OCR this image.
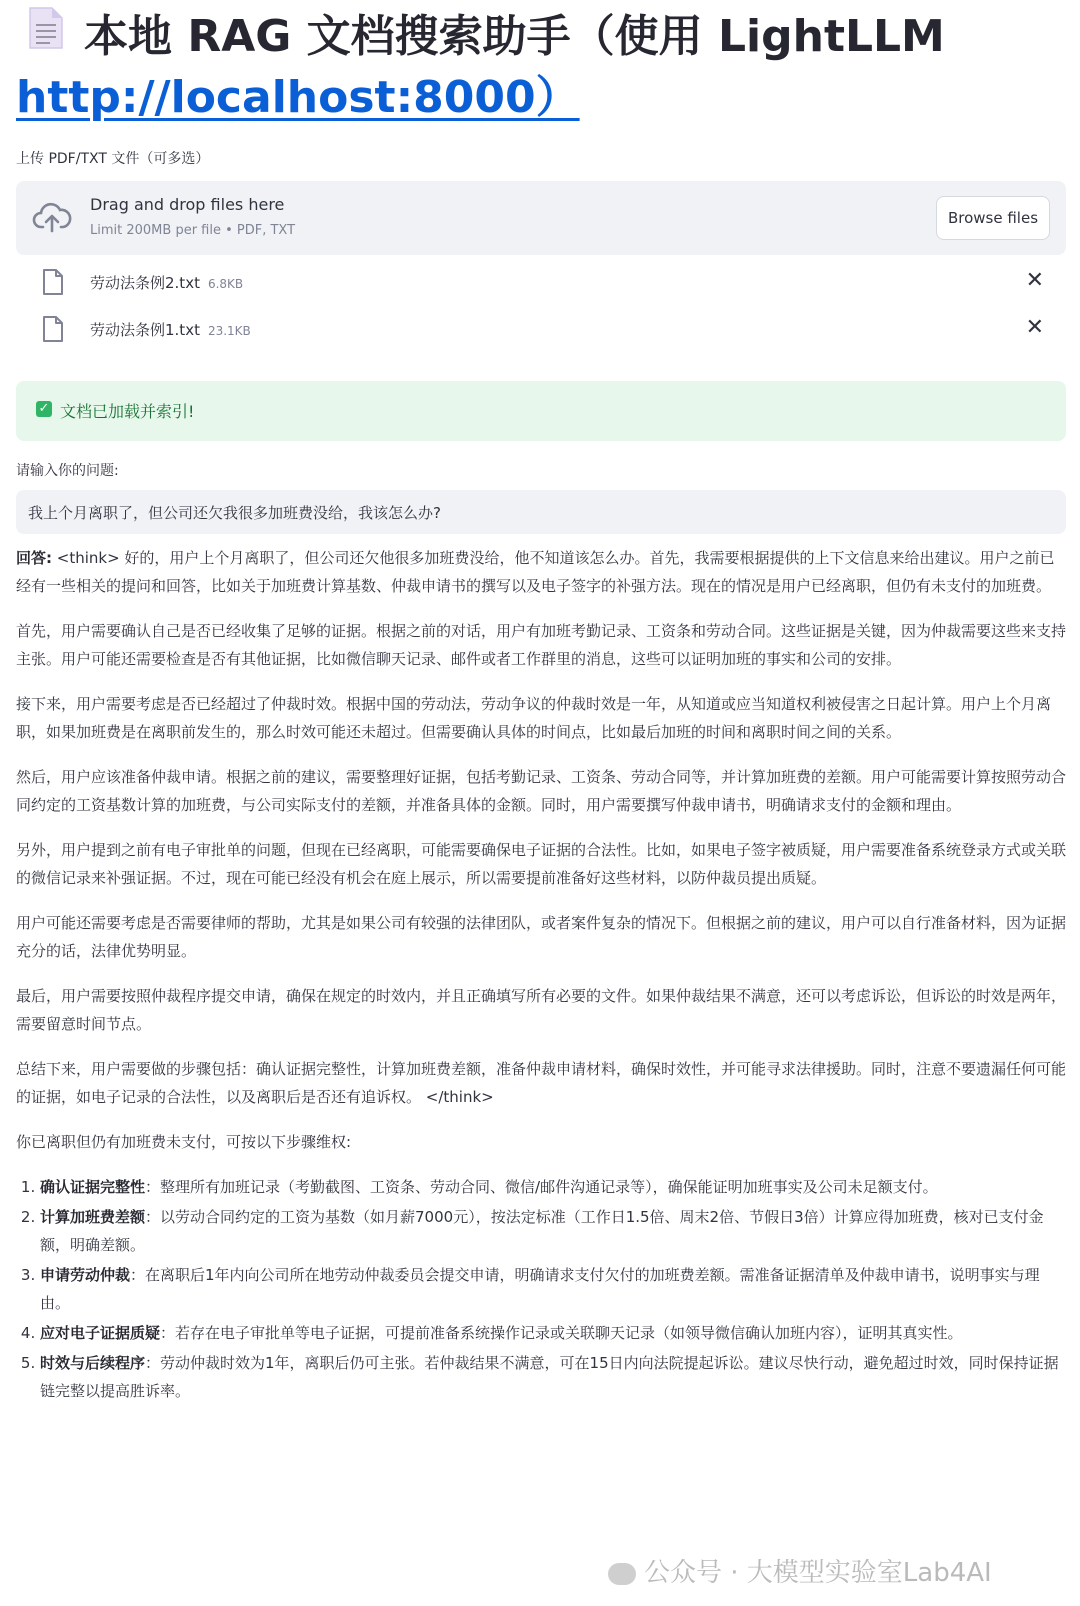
本地 RAG 文档搜索助手（使用 LightLLM
http://localhost:8000）
上传 PDF/TXT 文件（可多选）
Drag and drop files here
Limit 200MB per file • PDF, TXT
Browse files
劳动法条例2.txt 6.8KB	✕
劳动法条例1.txt 23.1KB	✕
✓ 文档已加载并索引!
请输入你的问题:
我上个月离职了，但公司还欠我很多加班费没给，我该怎么办?

回答: <think> 好的，用户上个月离职了，但公司还欠他很多加班费没给，他不知道该怎么办。首先，我需要根据提供的上下文信息来给出建议。用户之前已经有一些相关的提问和回答，比如关于加班费计算基数、仲裁申请书的撰写以及电子签字的补强方法。现在的情况是用户已经离职，但仍有未支付的加班费。

首先，用户需要确认自己是否已经收集了足够的证据。根据之前的对话，用户有加班考勤记录、工资条和劳动合同。这些证据是关键，因为仲裁需要这些来支持主张。用户可能还需要检查是否有其他证据，比如微信聊天记录、邮件或者工作群里的消息，这些可以证明加班的事实和公司的安排。

接下来，用户需要考虑是否已经超过了仲裁时效。根据中国的劳动法，劳动争议的仲裁时效是一年，从知道或应当知道权利被侵害之日起计算。用户上个月离职，如果加班费是在离职前发生的，那么时效可能还未超过。但需要确认具体的时间点，比如最后加班的时间和离职时间之间的关系。

然后，用户应该准备仲裁申请。根据之前的建议，需要整理好证据，包括考勤记录、工资条、劳动合同等，并计算加班费的差额。用户可能需要计算按照劳动合同约定的工资基数计算的加班费，与公司实际支付的差额，并准备具体的金额。同时，用户需要撰写仲裁申请书，明确请求支付的金额和理由。

另外，用户提到之前有电子审批单的问题，但现在已经离职，可能需要确保电子证据的合法性。比如，如果电子签字被质疑，用户需要准备系统登录方式或关联的微信记录来补强证据。不过，现在可能已经没有机会在庭上展示，所以需要提前准备好这些材料，以防仲裁员提出质疑。

用户可能还需要考虑是否需要律师的帮助，尤其是如果公司有较强的法律团队，或者案件复杂的情况下。但根据之前的建议，用户可以自行准备材料，因为证据充分的话，法律优势明显。

最后，用户需要按照仲裁程序提交申请，确保在规定的时效内，并且正确填写所有必要的文件。如果仲裁结果不满意，还可以考虑诉讼，但诉讼的时效是两年，需要留意时间节点。

总结下来，用户需要做的步骤包括：确认证据完整性，计算加班费差额，准备仲裁申请材料，确保时效性，并可能寻求法律援助。同时，注意不要遗漏任何可能的证据，如电子记录的合法性，以及离职后是否还有追诉权。 </think>

你已离职但仍有加班费未支付，可按以下步骤维权:

1. 确认证据完整性：整理所有加班记录（考勤截图、工资条、劳动合同、微信/邮件沟通记录等），确保能证明加班事实及公司未足额支付。
2. 计算加班费差额：以劳动合同约定的工资为基数（如月薪7000元），按法定标准（工作日1.5倍、周末2倍、节假日3倍）计算应得加班费，核对已支付金额，明确差额。
3. 申请劳动仲裁：在离职后1年内向公司所在地劳动仲裁委员会提交申请，明确请求支付欠付的加班费差额。需准备证据清单及仲裁申请书，说明事实与理由。
4. 应对电子证据质疑：若存在电子审批单等电子证据，可提前准备系统操作记录或关联聊天记录（如领导微信确认加班内容），证明其真实性。
5. 时效与后续程序：劳动仲裁时效为1年，离职后仍可主张。若仲裁结果不满意，可在15日内向法院提起诉讼。建议尽快行动，避免超过时效，同时保持证据链完整以提高胜诉率。
公众号 · 大模型实验室Lab4AI
